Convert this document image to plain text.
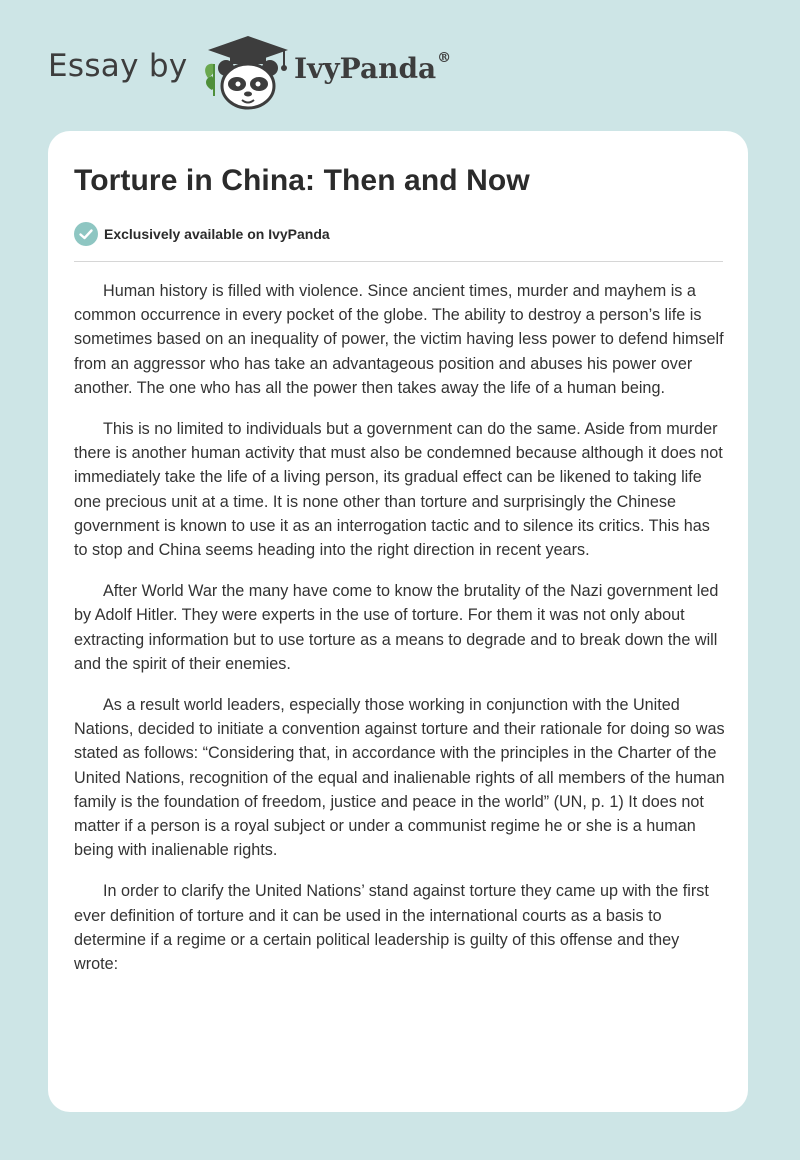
Essay by	IvyPanda®
Torture in China: Then and Now
Exclusively available on IvyPanda

Human history is filled with violence. Since ancient times, murder and mayhem is a common occurrence in every pocket of the globe. The ability to destroy a person’s life is sometimes based on an inequality of power, the victim having less power to defend himself from an aggressor who has take an advantageous position and abuses his power over another. The one who has all the power then takes away the life of a human being.

This is no limited to individuals but a government can do the same. Aside from murder there is another human activity that must also be condemned because although it does not immediately take the life of a living person, its gradual effect can be likened to taking life one precious unit at a time. It is none other than torture and surprisingly the Chinese government is known to use it as an interrogation tactic and to silence its critics. This has to stop and China seems heading into the right direction in recent years.

After World War the many have come to know the brutality of the Nazi government led by Adolf Hitler. They were experts in the use of torture. For them it was not only about extracting information but to use torture as a means to degrade and to break down the will and the spirit of their enemies.

As a result world leaders, especially those working in conjunction with the United Nations, decided to initiate a convention against torture and their rationale for doing so was stated as follows: “Considering that, in accordance with the principles in the Charter of the United Nations, recognition of the equal and inalienable rights of all members of the human family is the foundation of freedom, justice and peace in the world” (UN, p. 1) It does not matter if a person is a royal subject or under a communist regime he or she is a human being with inalienable rights.

In order to clarify the United Nations’ stand against torture they came up with the first ever definition of torture and it can be used in the international courts as a basis to determine if a regime or a certain political leadership is guilty of this offense and they wrote:
